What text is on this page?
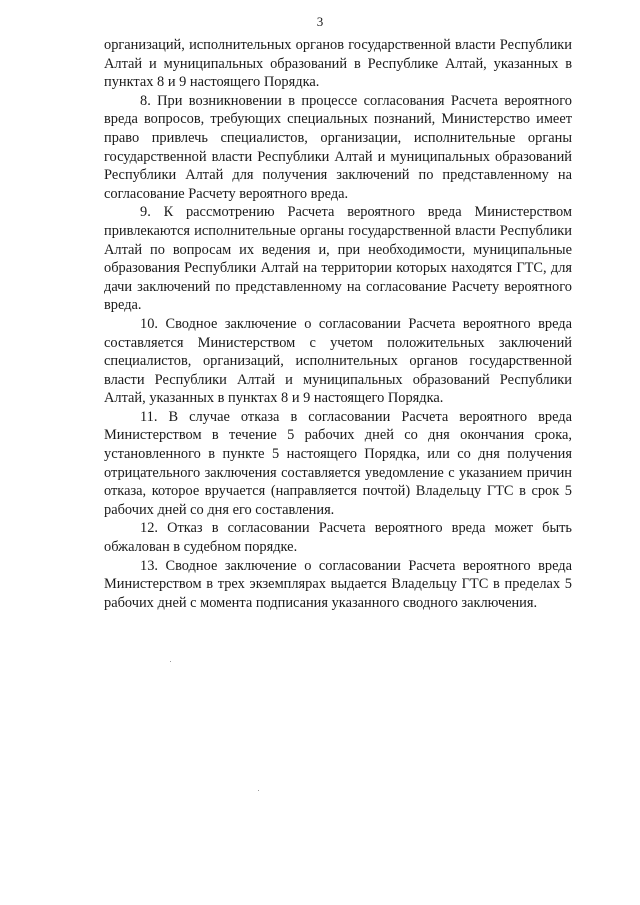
3

организаций, исполнительных органов государственной власти Республики Алтай и муниципальных образований в Республике Алтай, указанных в пунктах 8 и 9 настоящего Порядка.

8. При возникновении в процессе согласования Расчета вероятного вреда вопросов, требующих специальных познаний, Министерство имеет право привлечь специалистов, организации, исполнительные органы государственной власти Республики Алтай и муниципальных образований Республики Алтай для получения заключений по представленному на согласование Расчету вероятного вреда.

9. К рассмотрению Расчета вероятного вреда Министерством привлекаются исполнительные органы государственной власти Республики Алтай по вопросам их ведения и, при необходимости, муниципальные образования Республики Алтай на территории которых находятся ГТС, для дачи заключений по представленному на согласование Расчету вероятного вреда.

10. Сводное заключение о согласовании Расчета вероятного вреда составляется Министерством с учетом положительных заключений специалистов, организаций, исполнительных органов государственной власти Республики Алтай и муниципальных образований Республики Алтай, указанных в пунктах 8 и 9 настоящего Порядка.

11. В случае отказа в согласовании Расчета вероятного вреда Министерством в течение 5 рабочих дней со дня окончания срока, установленного в пункте 5 настоящего Порядка, или со дня получения отрицательного заключения составляется уведомление с указанием причин отказа, которое вручается (направляется почтой) Владельцу ГТС в срок 5 рабочих дней со дня его составления.

12. Отказ в согласовании Расчета вероятного вреда может быть обжалован в судебном порядке.

13. Сводное заключение о согласовании Расчета вероятного вреда Министерством в трех экземплярах выдается Владельцу ГТС в пределах 5 рабочих дней с момента подписания указанного сводного заключения.
